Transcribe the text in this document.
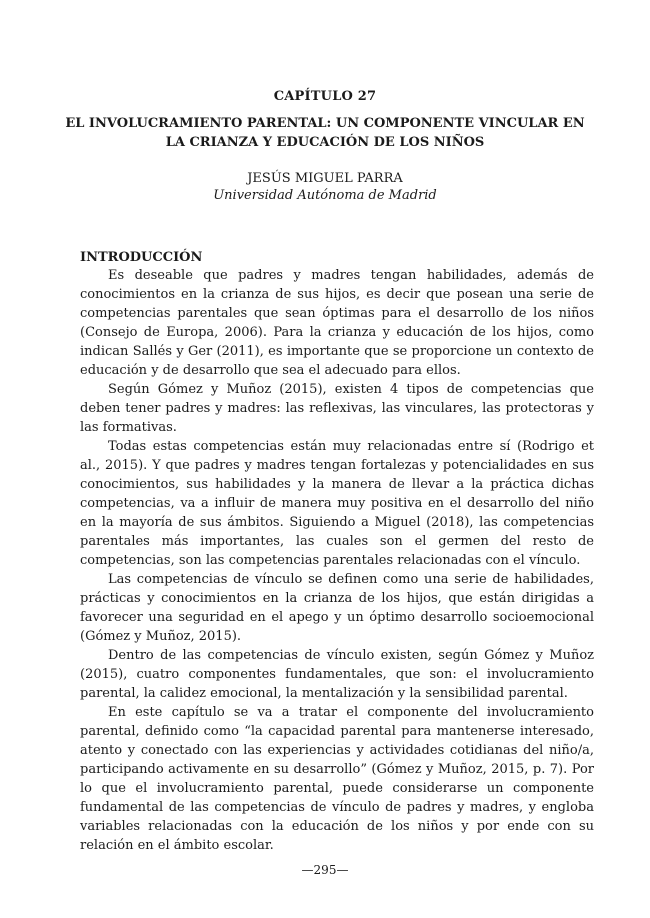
CAPÍTULO 27
EL INVOLUCRAMIENTO PARENTAL: UN COMPONENTE VINCULAR EN LA CRIANZA Y EDUCACIÓN DE LOS NIÑOS
JESÚS MIGUEL PARRA
Universidad Autónoma de Madrid
INTRODUCCIÓN

Es deseable que padres y madres tengan habilidades, además de conocimientos en la crianza de sus hijos, es decir que posean una serie de competencias parentales que sean óptimas para el desarrollo de los niños (Consejo de Europa, 2006). Para la crianza y educación de los hijos, como indican Sallés y Ger (2011), es importante que se proporcione un contexto de educación y de desarrollo que sea el adecuado para ellos.

Según Gómez y Muñoz (2015), existen 4 tipos de competencias que deben tener padres y madres: las reflexivas, las vinculares, las protectoras y las formativas.

Todas estas competencias están muy relacionadas entre sí (Rodrigo et al., 2015). Y que padres y madres tengan fortalezas y potencialidades en sus conocimientos, sus habilidades y la manera de llevar a la práctica dichas competencias, va a influir de manera muy positiva en el desarrollo del niño en la mayoría de sus ámbitos. Siguiendo a Miguel (2018), las competencias parentales más importantes, las cuales son el germen del resto de competencias, son las competencias parentales relacionadas con el vínculo.

Las competencias de vínculo se definen como una serie de habilidades, prácticas y conocimientos en la crianza de los hijos, que están dirigidas a favorecer una seguridad en el apego y un óptimo desarrollo socioemocional (Gómez y Muñoz, 2015).

Dentro de las competencias de vínculo existen, según Gómez y Muñoz (2015), cuatro componentes fundamentales, que son: el involucramiento parental, la calidez emocional, la mentalización y la sensibilidad parental.

En este capítulo se va a tratar el componente del involucramiento parental, definido como “la capacidad parental para mantenerse interesado, atento y conectado con las experiencias y actividades cotidianas del niño/a, participando activamente en su desarrollo” (Gómez y Muñoz, 2015, p. 7). Por lo que el involucramiento parental, puede considerarse un componente fundamental de las competencias de vínculo de padres y madres, y engloba variables relacionadas con la educación de los niños y por ende con su relación en el ámbito escolar.

—295—
